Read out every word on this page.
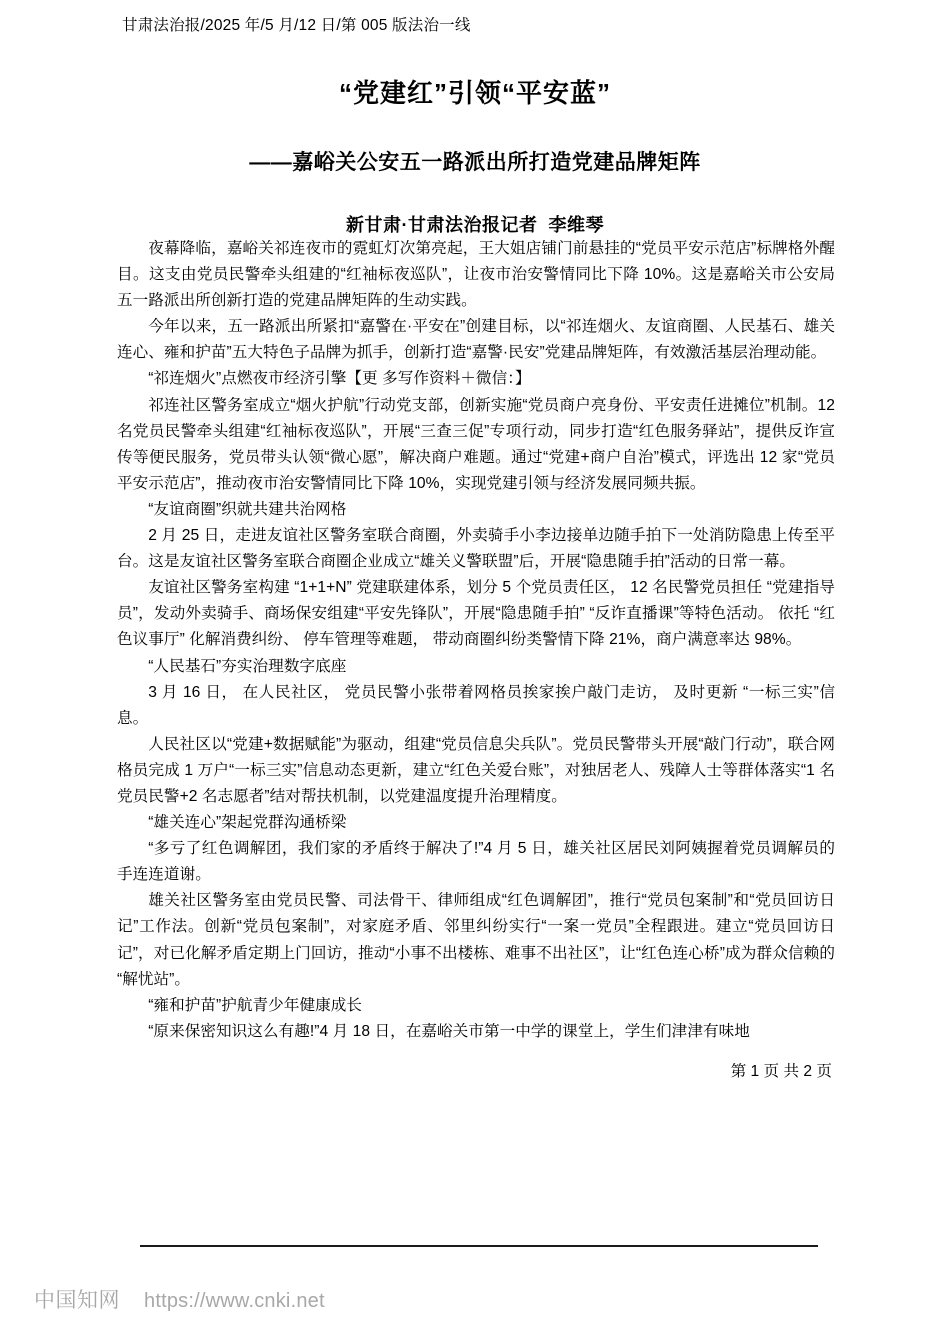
甘肃法治报/2025 年/5 月/12 日/第 005 版法治一线
“党建红”引领“平安蓝”
——嘉峪关公安五一路派出所打造党建品牌矩阵
新甘肃·甘肃法治报记者  李维琴

夜幕降临，嘉峪关祁连夜市的霓虹灯次第亮起，王大姐店铺门前悬挂的“党员平安示范店”标牌格外醒目。这支由党员民警牵头组建的“红袖标夜巡队”，让夜市治安警情同比下降 10%。这是嘉峪关市公安局五一路派出所创新打造的党建品牌矩阵的生动实践。

今年以来，五一路派出所紧扣“嘉警在·平安在”创建目标，以“祁连烟火、友谊商圈、人民基石、雄关连心、雍和护苗”五大特色子品牌为抓手，创新打造“嘉警·民安”党建品牌矩阵，有效激活基层治理动能。

“祁连烟火”点燃夜市经济引擎【更 多写作资料＋微信：】

祁连社区警务室成立“烟火护航”行动党支部，创新实施“党员商户亮身份、平安责任进摊位”机制。12 名党员民警牵头组建“红袖标夜巡队”，开展“三查三促”专项行动，同步打造“红色服务驿站”，提供反诈宣传等便民服务，党员带头认领“微心愿”，解决商户难题。通过“党建+商户自治”模式，评选出 12 家“党员平安示范店”，推动夜市治安警情同比下降 10%，实现党建引领与经济发展同频共振。

“友谊商圈”织就共建共治网格

2 月 25 日，走进友谊社区警务室联合商圈，外卖骑手小李边接单边随手拍下一处消防隐患上传至平台。这是友谊社区警务室联合商圈企业成立“雄关义警联盟”后，开展“隐患随手拍”活动的日常一幕。

友谊社区警务室构建 “1+1+N” 党建联建体系，划分 5 个党员责任区， 12 名民警党员担任 “党建指导员”，发动外卖骑手、商场保安组建“平安先锋队”，开展“隐患随手拍” “反诈直播课”等特色活动。 依托 “红色议事厅” 化解消费纠纷、 停车管理等难题， 带动商圈纠纷类警情下降 21%，商户满意率达 98%。

“人民基石”夯实治理数字底座

3 月 16 日， 在人民社区， 党员民警小张带着网格员挨家挨户敲门走访， 及时更新 “一标三实”信息。

人民社区以“党建+数据赋能”为驱动，组建“党员信息尖兵队”。党员民警带头开展“敲门行动”，联合网格员完成 1 万户“一标三实”信息动态更新，建立“红色关爱台账”，对独居老人、残障人士等群体落实“1 名党员民警+2 名志愿者”结对帮扶机制，以党建温度提升治理精度。

“雄关连心”架起党群沟通桥梁

“多亏了红色调解团，我们家的矛盾终于解决了!”4 月 5 日，雄关社区居民刘阿姨握着党员调解员的手连连道谢。

雄关社区警务室由党员民警、司法骨干、律师组成“红色调解团”，推行“党员包案制”和“党员回访日记”工作法。创新“党员包案制”，对家庭矛盾、邻里纠纷实行“一案一党员”全程跟进。建立“党员回访日记”，对已化解矛盾定期上门回访，推动“小事不出楼栋、难事不出社区”，让“红色连心桥”成为群众信赖的“解忧站”。

“雍和护苗”护航青少年健康成长

“原来保密知识这么有趣!”4 月 18 日，在嘉峪关市第一中学的课堂上，学生们津津有味地

第 1 页 共 2 页
中国知网 https://www.cnki.net
